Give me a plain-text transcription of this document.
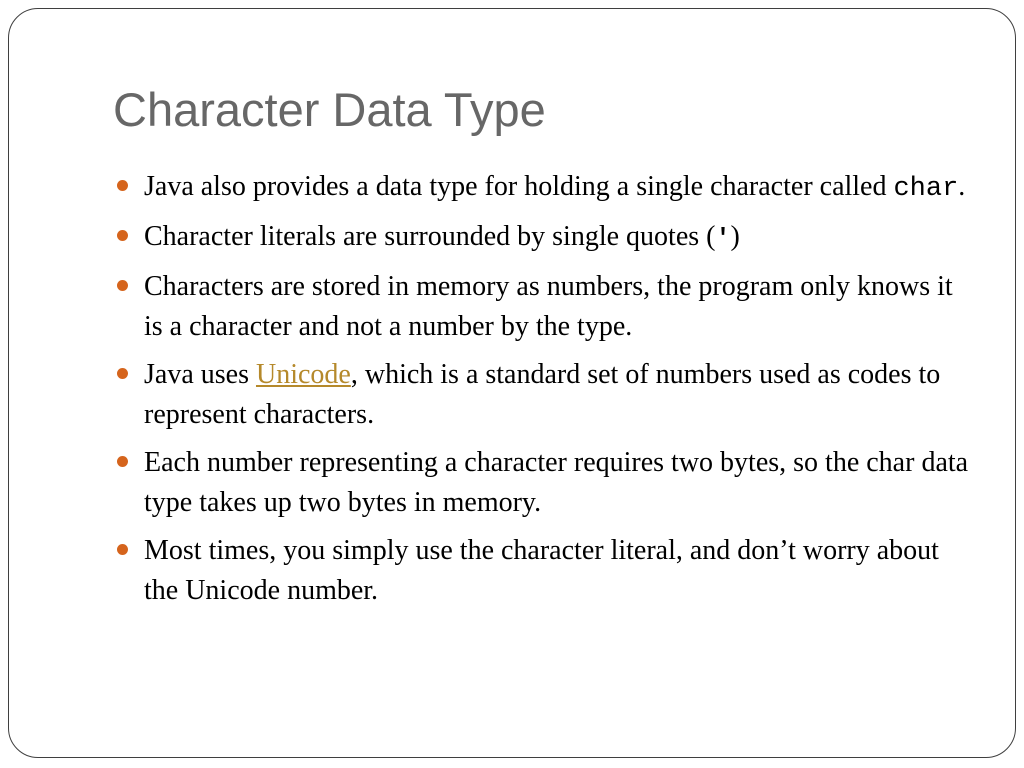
Character Data Type
Java also provides a data type for holding a single character called char.
Character literals are surrounded by single quotes (')
Characters are stored in memory as numbers, the program only knows it is a character and not a number by the type.
Java uses Unicode, which is a standard set of numbers used as codes to represent characters.
Each number representing a character requires two bytes, so the char data type takes up two bytes in memory.
Most times, you simply use the character literal, and don’t worry about the Unicode number.
